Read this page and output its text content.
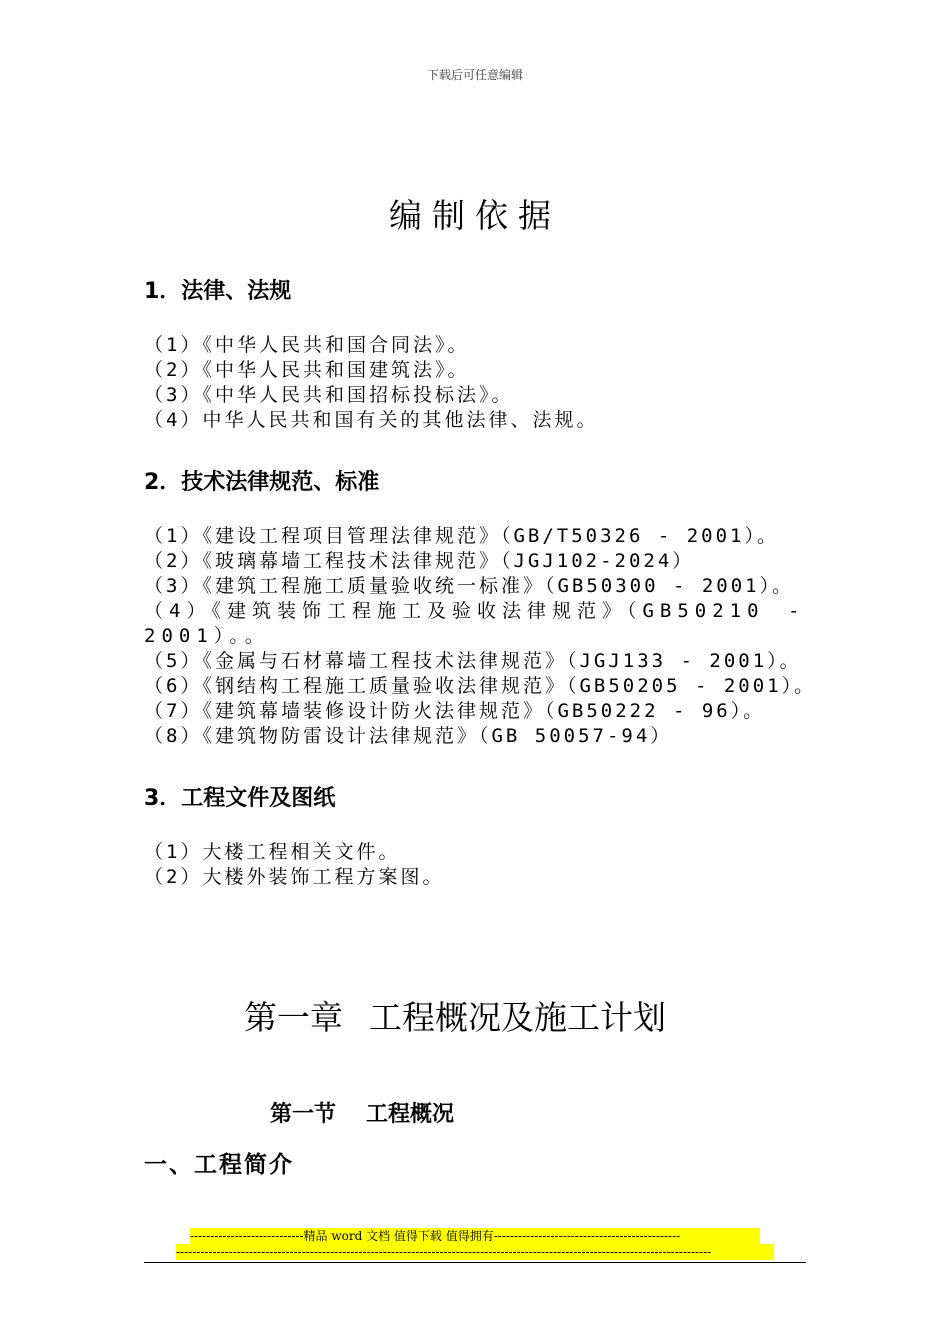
下载后可任意编辑
编制依据
1．法律、法规
（1）《中华人民共和国合同法》。
（2）《中华人民共和国建筑法》。
（3）《中华人民共和国招标投标法》。
（4）中华人民共和国有关的其他法律、法规。
2．技术法律规范、标准
（1）《建设工程项目管理法律规范》（GB/T50326 - 2001）。
（2）《玻璃幕墙工程技术法律规范》（JGJ102-2024）
（3）《建筑工程施工质量验收统一标准》（GB50300 - 2001）。
（4）《建筑装饰工程施工及验收法律规范》（GB50210 - 2001）。。
（5）《金属与石材幕墙工程技术法律规范》（JGJ133 - 2001）。
（6）《钢结构工程施工质量验收法律规范》（GB50205 - 2001）。
（7）《建筑幕墙装修设计防火法律规范》（GB50222 - 96）。
（8）《建筑物防雷设计法律规范》（GB 50057-94）
3．工程文件及图纸
（1）大楼工程相关文件。
（2）大楼外装饰工程方案图。
第一章 工程概况及施工计划
第一节 工程概况
一、工程简介
----------------------------精品 word 文档 值得下载 值得拥有----------------------------------------------
------------------------------------------------------------------------------------------------------------------------------------
